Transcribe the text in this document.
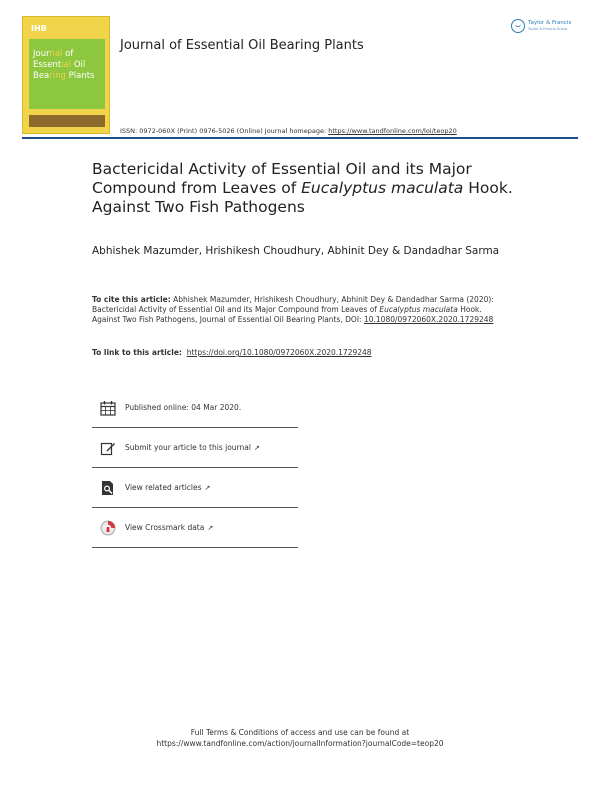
IHB
Journal of
Essential Oil
Bearing Plants
Taylor & Francis
Taylor & Francis Group
Journal of Essential Oil Bearing Plants
ISSN: 0972-060X (Print) 0976-5026 (Online) Journal homepage: https://www.tandfonline.com/loi/teop20
Bactericidal Activity of Essential Oil and its Major Compound from Leaves of Eucalyptus maculata Hook. Against Two Fish Pathogens
Abhishek Mazumder, Hrishikesh Choudhury, Abhinit Dey & Dandadhar Sarma
To cite this article: Abhishek Mazumder, Hrishikesh Choudhury, Abhinit Dey & Dandadhar Sarma (2020): Bactericidal Activity of Essential Oil and its Major Compound from Leaves of Eucalyptus maculata Hook. Against Two Fish Pathogens, Journal of Essential Oil Bearing Plants, DOI: 10.1080/0972060X.2020.1729248
To link to this article: https://doi.org/10.1080/0972060X.2020.1729248
Published online: 04 Mar 2020.
Submit your article to this journal ↗
View related articles ↗
View Crossmark data ↗
Full Terms & Conditions of access and use can be found at
https://www.tandfonline.com/action/journalInformation?journalCode=teop20
